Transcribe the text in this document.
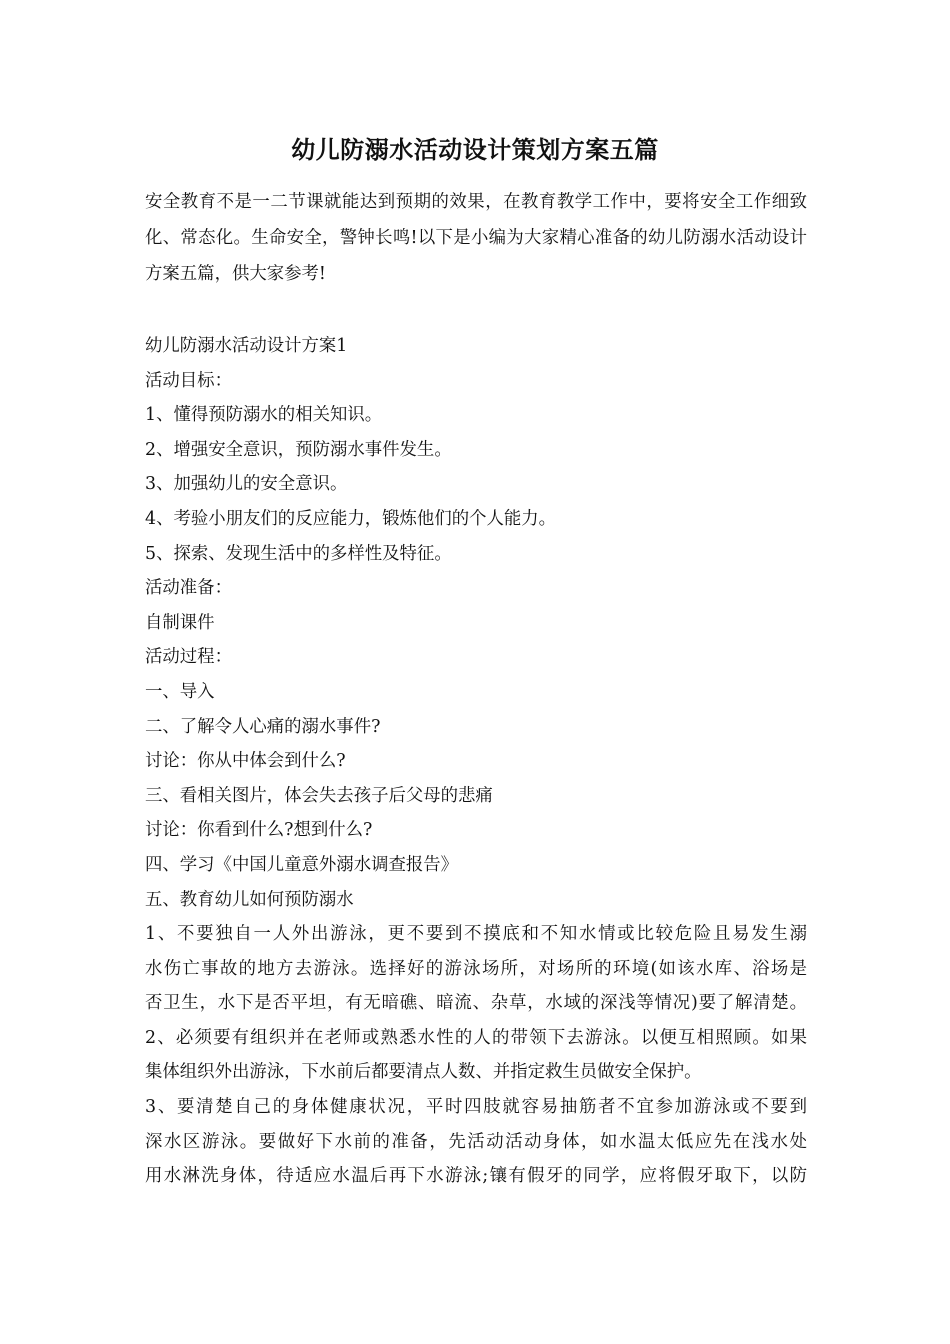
幼儿防溺水活动设计策划方案五篇

安全教育不是一二节课就能达到预期的效果，在教育教学工作中，要将安全工作细致化、常态化。生命安全，警钟长鸣!以下是小编为大家精心准备的幼儿防溺水活动设计方案五篇，供大家参考!

幼儿防溺水活动设计方案1
活动目标：
1、懂得预防溺水的相关知识。
2、增强安全意识，预防溺水事件发生。
3、加强幼儿的安全意识。
4、考验小朋友们的反应能力，锻炼他们的个人能力。
5、探索、发现生活中的多样性及特征。
活动准备：
自制课件
活动过程：
一、导入
二、了解令人心痛的溺水事件?
讨论：你从中体会到什么?
三、看相关图片，体会失去孩子后父母的悲痛
讨论：你看到什么?想到什么?
四、学习《中国儿童意外溺水调查报告》
五、教育幼儿如何预防溺水
1、不要独自一人外出游泳，更不要到不摸底和不知水情或比较危险且易发生溺
水伤亡事故的地方去游泳。选择好的游泳场所，对场所的环境(如该水库、浴场是
否卫生，水下是否平坦，有无暗礁、暗流、杂草，水域的深浅等情况)要了解清楚。
2、必须要有组织并在老师或熟悉水性的人的带领下去游泳。以便互相照顾。如果
集体组织外出游泳，下水前后都要清点人数、并指定救生员做安全保护。
3、要清楚自己的身体健康状况，平时四肢就容易抽筋者不宜参加游泳或不要到
深水区游泳。要做好下水前的准备，先活动活动身体，如水温太低应先在浅水处
用水淋洗身体，待适应水温后再下水游泳;镶有假牙的同学，应将假牙取下，以防
